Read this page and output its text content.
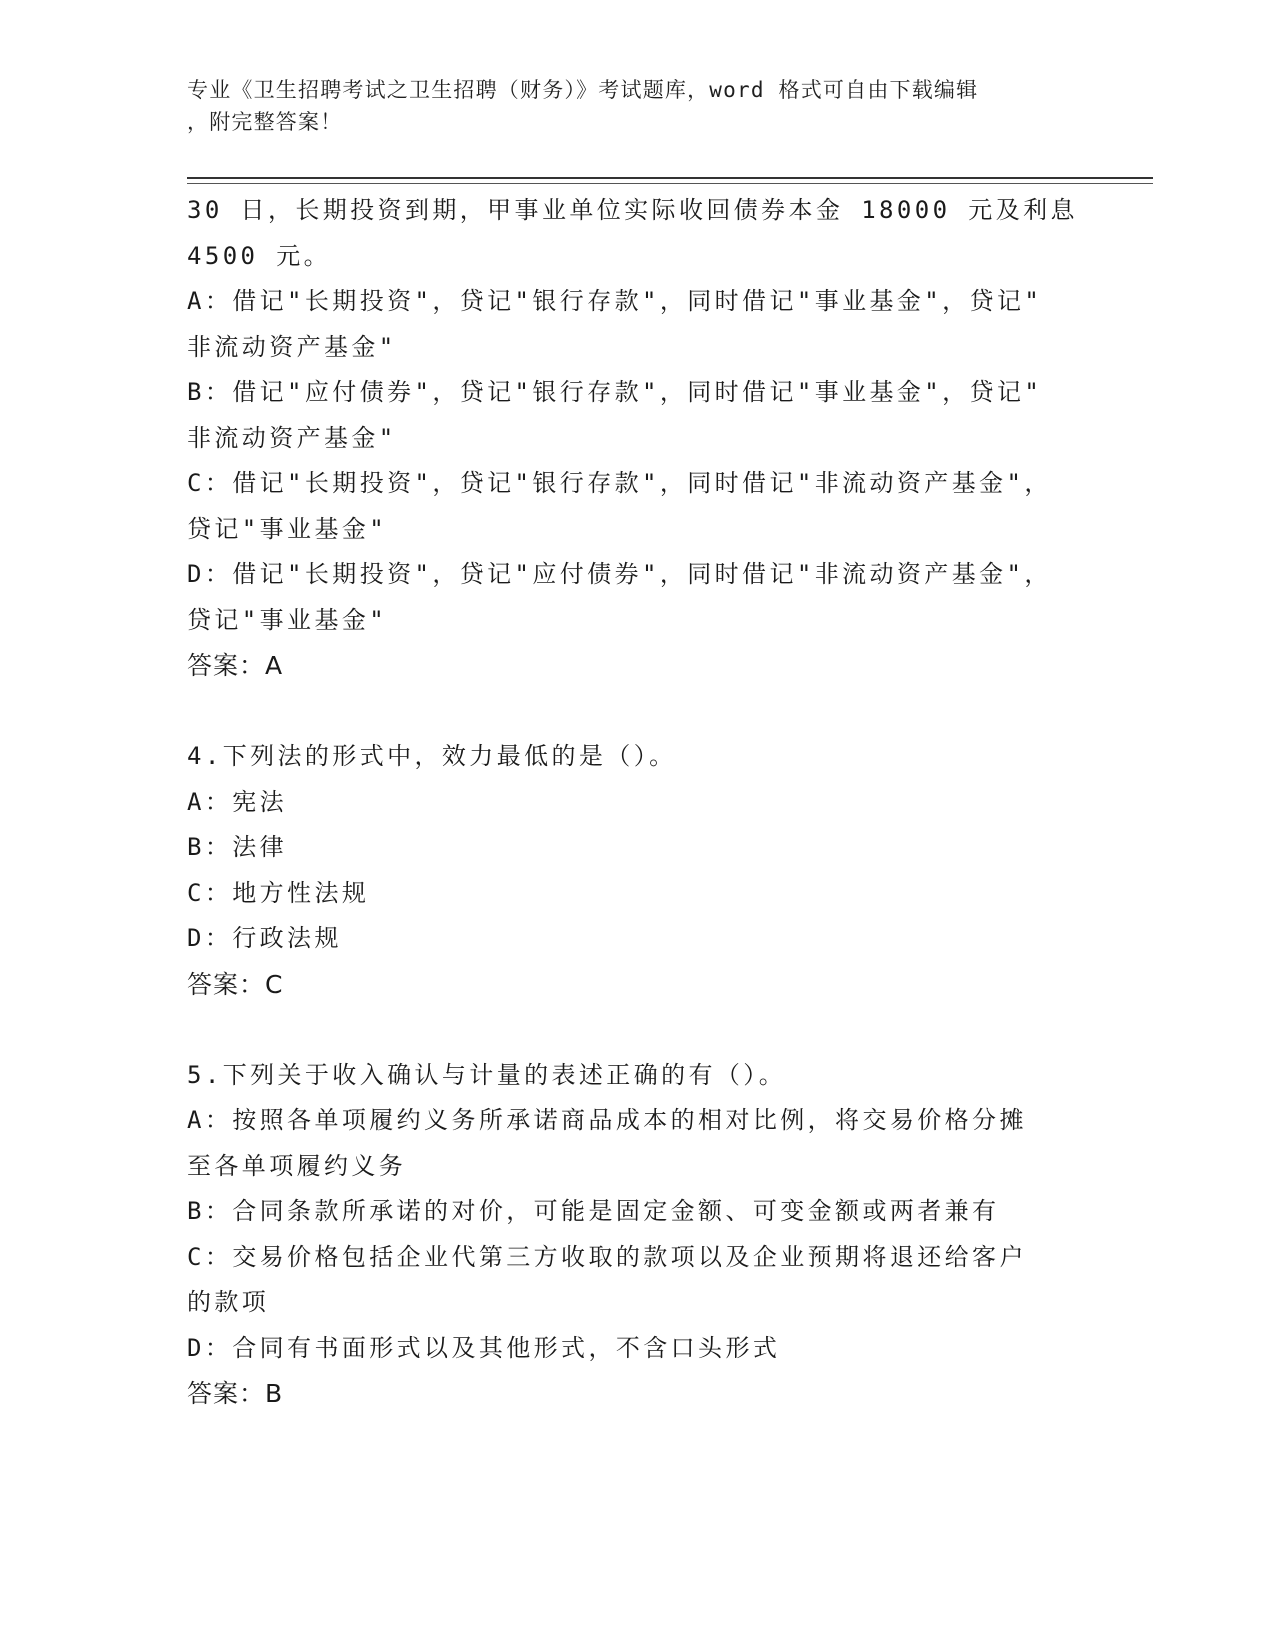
专业《卫生招聘考试之卫生招聘（财务）》考试题库，word 格式可自由下载编辑
，附完整答案！
30 日，长期投资到期，甲事业单位实际收回债券本金 18000 元及利息
4500 元。
A：借记"长期投资"，贷记"银行存款"，同时借记"事业基金"，贷记"
非流动资产基金"
B：借记"应付债券"，贷记"银行存款"，同时借记"事业基金"，贷记"
非流动资产基金"
C：借记"长期投资"，贷记"银行存款"，同时借记"非流动资产基金"，
贷记"事业基金"
D：借记"长期投资"，贷记"应付债券"，同时借记"非流动资产基金"，
贷记"事业基金"
答案：A
4.下列法的形式中，效力最低的是（）。
A：宪法
B：法律
C：地方性法规
D：行政法规
答案：C
5.下列关于收入确认与计量的表述正确的有（）。
A：按照各单项履约义务所承诺商品成本的相对比例，将交易价格分摊
至各单项履约义务
B：合同条款所承诺的对价，可能是固定金额、可变金额或两者兼有
C：交易价格包括企业代第三方收取的款项以及企业预期将退还给客户
的款项
D：合同有书面形式以及其他形式，不含口头形式
答案：B
